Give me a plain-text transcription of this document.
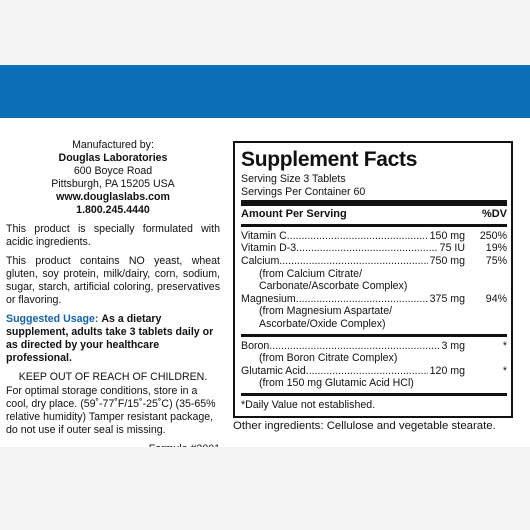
Manufactured by:
Douglas Laboratories
600 Boyce Road
Pittsburgh, PA 15205 USA
www.douglaslabs.com
1.800.245.4440

This product is specially formulated with acidic ingredients.

This product contains NO yeast, wheat gluten, soy protein, milk/dairy, corn, sodium, sugar, starch, artificial coloring, preservatives or flavoring.

Suggested Usage: As a dietary supplement, adults take 3 tablets daily or as directed by your healthcare professional.

KEEP OUT OF REACH OF CHILDREN.

For optimal storage conditions, store in a cool, dry place. (59˚-77˚F/15˚-25˚C) (35-65% relative humidity) Tamper resistant package, do not use if outer seal is missing.

Supplement Facts
Serving Size 3 Tablets
Servings Per Container 60
Amount Per Serving	%DV
Vitamin C .....	150 mg	250%
Vitamin D-3 .....	75 IU	19%
Calcium .....	750 mg	75%
(from Calcium Citrate/
Carbonate/Ascorbate Complex)
Magnesium .....	375 mg	94%
(from Magnesium Aspartate/
Ascorbate/Oxide Complex)
Boron .....	3 mg	*
(from Boron Citrate Complex)
Glutamic Acid .....	120 mg	*
(from 150 mg Glutamic Acid HCl)
*Daily Value not established.
Other ingredients: Cellulose and vegetable stearate.
